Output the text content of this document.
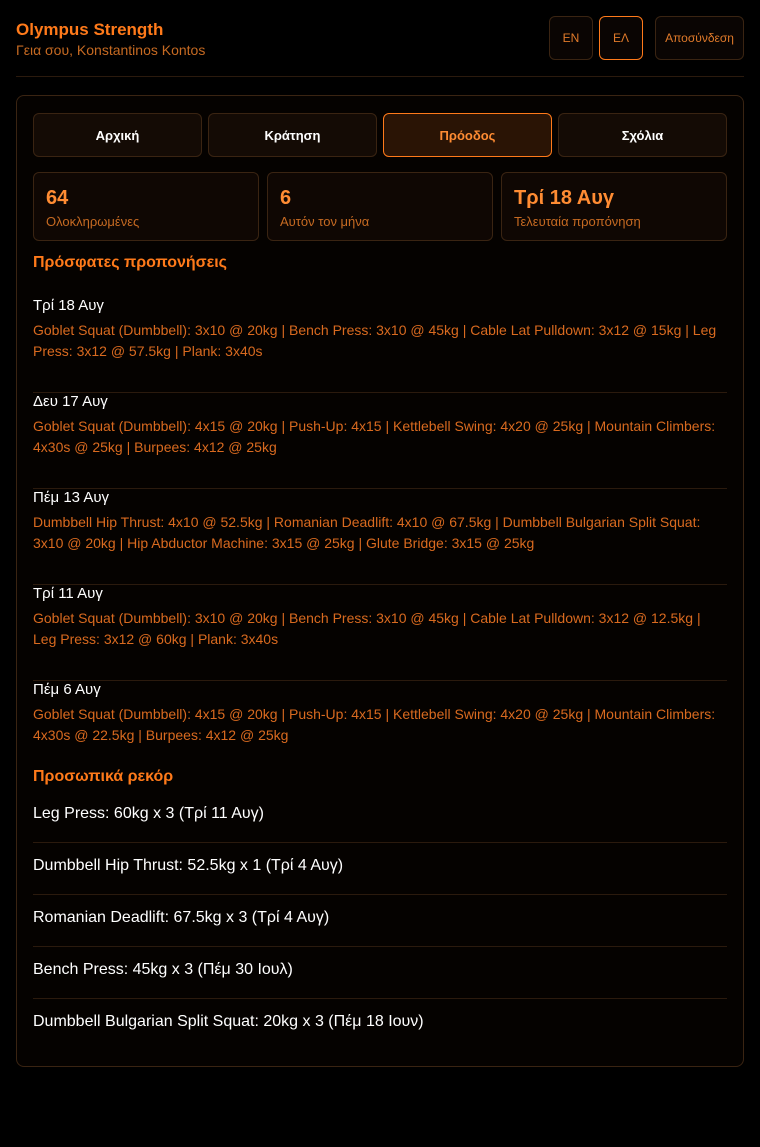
Olympus Strength
Γεια σου, Konstantinos Kontos
EN	ΕΛ	Αποσύνδεση
Αρχική	Κράτηση	Πρόοδος	Σχόλια
64
Ολοκληρωμένες
6
Αυτόν τον μήνα
Τρί 18 Αυγ
Τελευταία προπόνηση
Πρόσφατες προπονήσεις
Τρί 18 Αυγ
Goblet Squat (Dumbbell): 3x10 @ 20kg | Bench Press: 3x10 @ 45kg | Cable Lat Pulldown: 3x12 @ 15kg | Leg Press: 3x12 @ 57.5kg | Plank: 3x40s
Δευ 17 Αυγ
Goblet Squat (Dumbbell): 4x15 @ 20kg | Push-Up: 4x15 | Kettlebell Swing: 4x20 @ 25kg | Mountain Climbers: 4x30s @ 25kg | Burpees: 4x12 @ 25kg
Πέμ 13 Αυγ
Dumbbell Hip Thrust: 4x10 @ 52.5kg | Romanian Deadlift: 4x10 @ 67.5kg | Dumbbell Bulgarian Split Squat: 3x10 @ 20kg | Hip Abductor Machine: 3x15 @ 25kg | Glute Bridge: 3x15 @ 25kg
Τρί 11 Αυγ
Goblet Squat (Dumbbell): 3x10 @ 20kg | Bench Press: 3x10 @ 45kg | Cable Lat Pulldown: 3x12 @ 12.5kg | Leg Press: 3x12 @ 60kg | Plank: 3x40s
Πέμ 6 Αυγ
Goblet Squat (Dumbbell): 4x15 @ 20kg | Push-Up: 4x15 | Kettlebell Swing: 4x20 @ 25kg | Mountain Climbers: 4x30s @ 22.5kg | Burpees: 4x12 @ 25kg
Προσωπικά ρεκόρ
Leg Press: 60kg x 3 (Τρί 11 Αυγ)
Dumbbell Hip Thrust: 52.5kg x 1 (Τρί 4 Αυγ)
Romanian Deadlift: 67.5kg x 3 (Τρί 4 Αυγ)
Bench Press: 45kg x 3 (Πέμ 30 Ιουλ)
Dumbbell Bulgarian Split Squat: 20kg x 3 (Πέμ 18 Ιουν)
